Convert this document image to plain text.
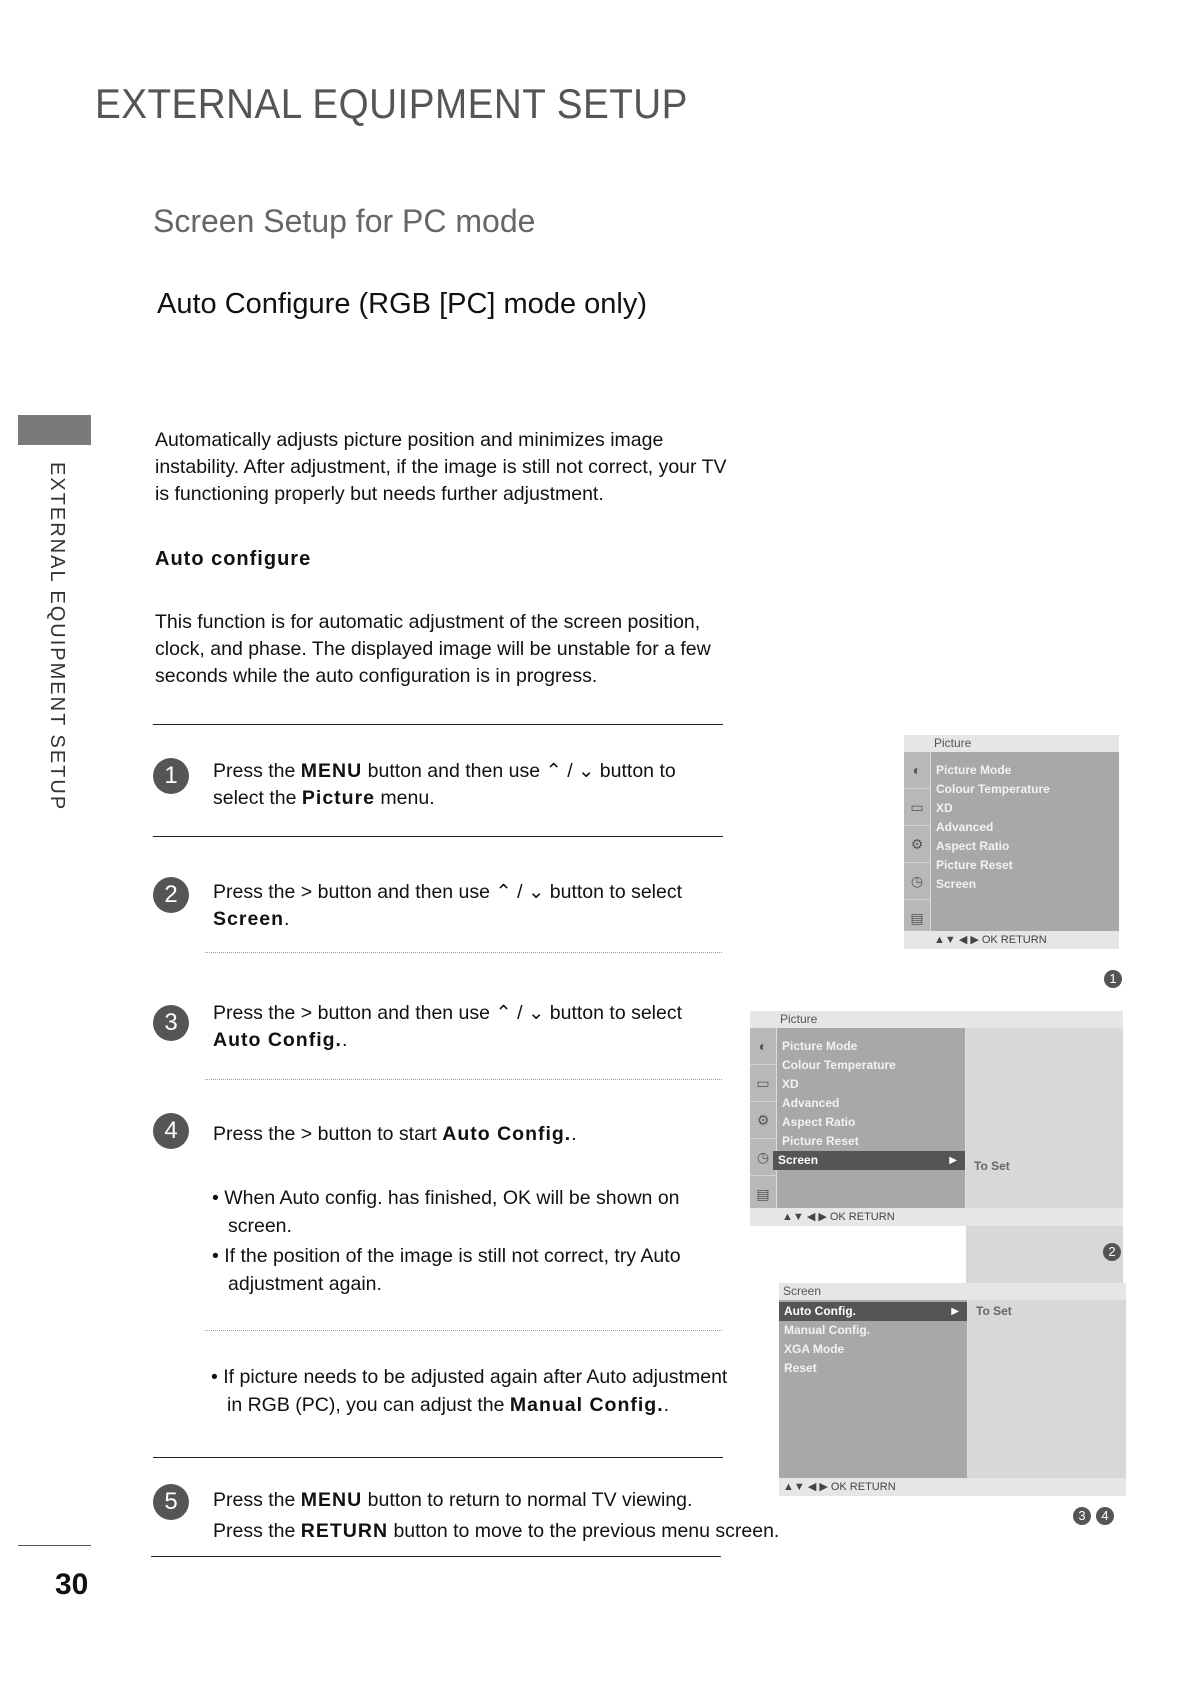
EXTERNAL EQUIPMENT SETUP
Screen Setup for PC mode
Auto Configure (RGB [PC] mode only)
EXTERNAL EQUIPMENT SETUP
30
Automatically adjusts picture position and minimizes image instability. After adjustment, if the image is still not correct, your TV is functioning properly but needs further adjustment.
Auto configure
This function is for automatic adjustment of the screen position, clock, and phase. The displayed image will be unstable for a few seconds while the auto configuration is in progress.
1	Press the MENU button and then use ⌃ / ⌄ button to
select the Picture menu.
2	Press the > button and then use ⌃ / ⌄ button to select
Screen.
3	Press the > button and then use ⌃ / ⌄ button to select
Auto Config..
4	Press the > button to start Auto Config..
• When Auto config. has finished, OK will be shown on screen.
• If the position of the image is still not correct, try Auto adjustment again.
• If picture needs to be adjusted again after Auto adjustment in RGB (PC), you can adjust the Manual Config..
5	Press the MENU button to return to normal TV viewing.
Press the RETURN button to move to the previous menu screen.
Picture
◐
▭
⚙
◷
▤
Picture Mode
Colour Temperature
XD
Advanced
Aspect Ratio
Picture Reset
Screen
▲▼ ◀ ▶ OK RETURN
1
Picture
◐
▭
⚙
◷
▤
Picture Mode
Colour Temperature
XD
Advanced
Aspect Ratio
Picture Reset
Screen	▶	To Set
▲▼ ◀ ▶ OK RETURN
2
Screen
Auto Config.	▶
Manual Config.
XGA Mode
Reset
To Set
▲▼ ◀ ▶ OK RETURN
3	4
